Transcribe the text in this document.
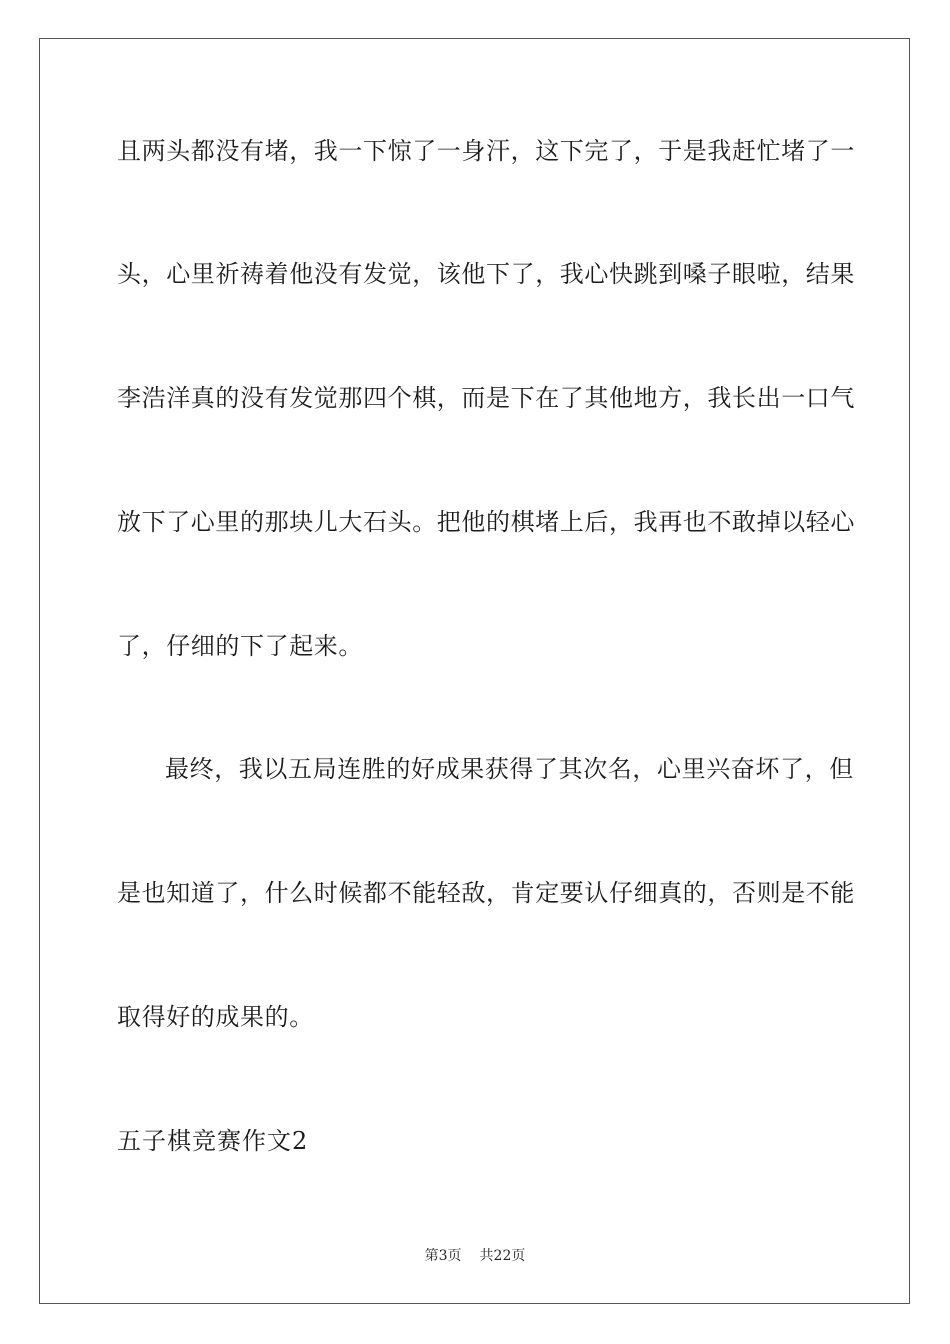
且两头都没有堵，我一下惊了一身汗，这下完了，于是我赶忙堵了一
头，心里祈祷着他没有发觉，该他下了，我心快跳到嗓子眼啦，结果
李浩洋真的没有发觉那四个棋，而是下在了其他地方，我长出一口气
放下了心里的那块儿大石头。把他的棋堵上后，我再也不敢掉以轻心
了，仔细的下了起来。
最终，我以五局连胜的好成果获得了其次名，心里兴奋坏了，但
是也知道了，什么时候都不能轻敌，肯定要认仔细真的，否则是不能
取得好的成果的。
五子棋竞赛作文2
第3页 共22页
